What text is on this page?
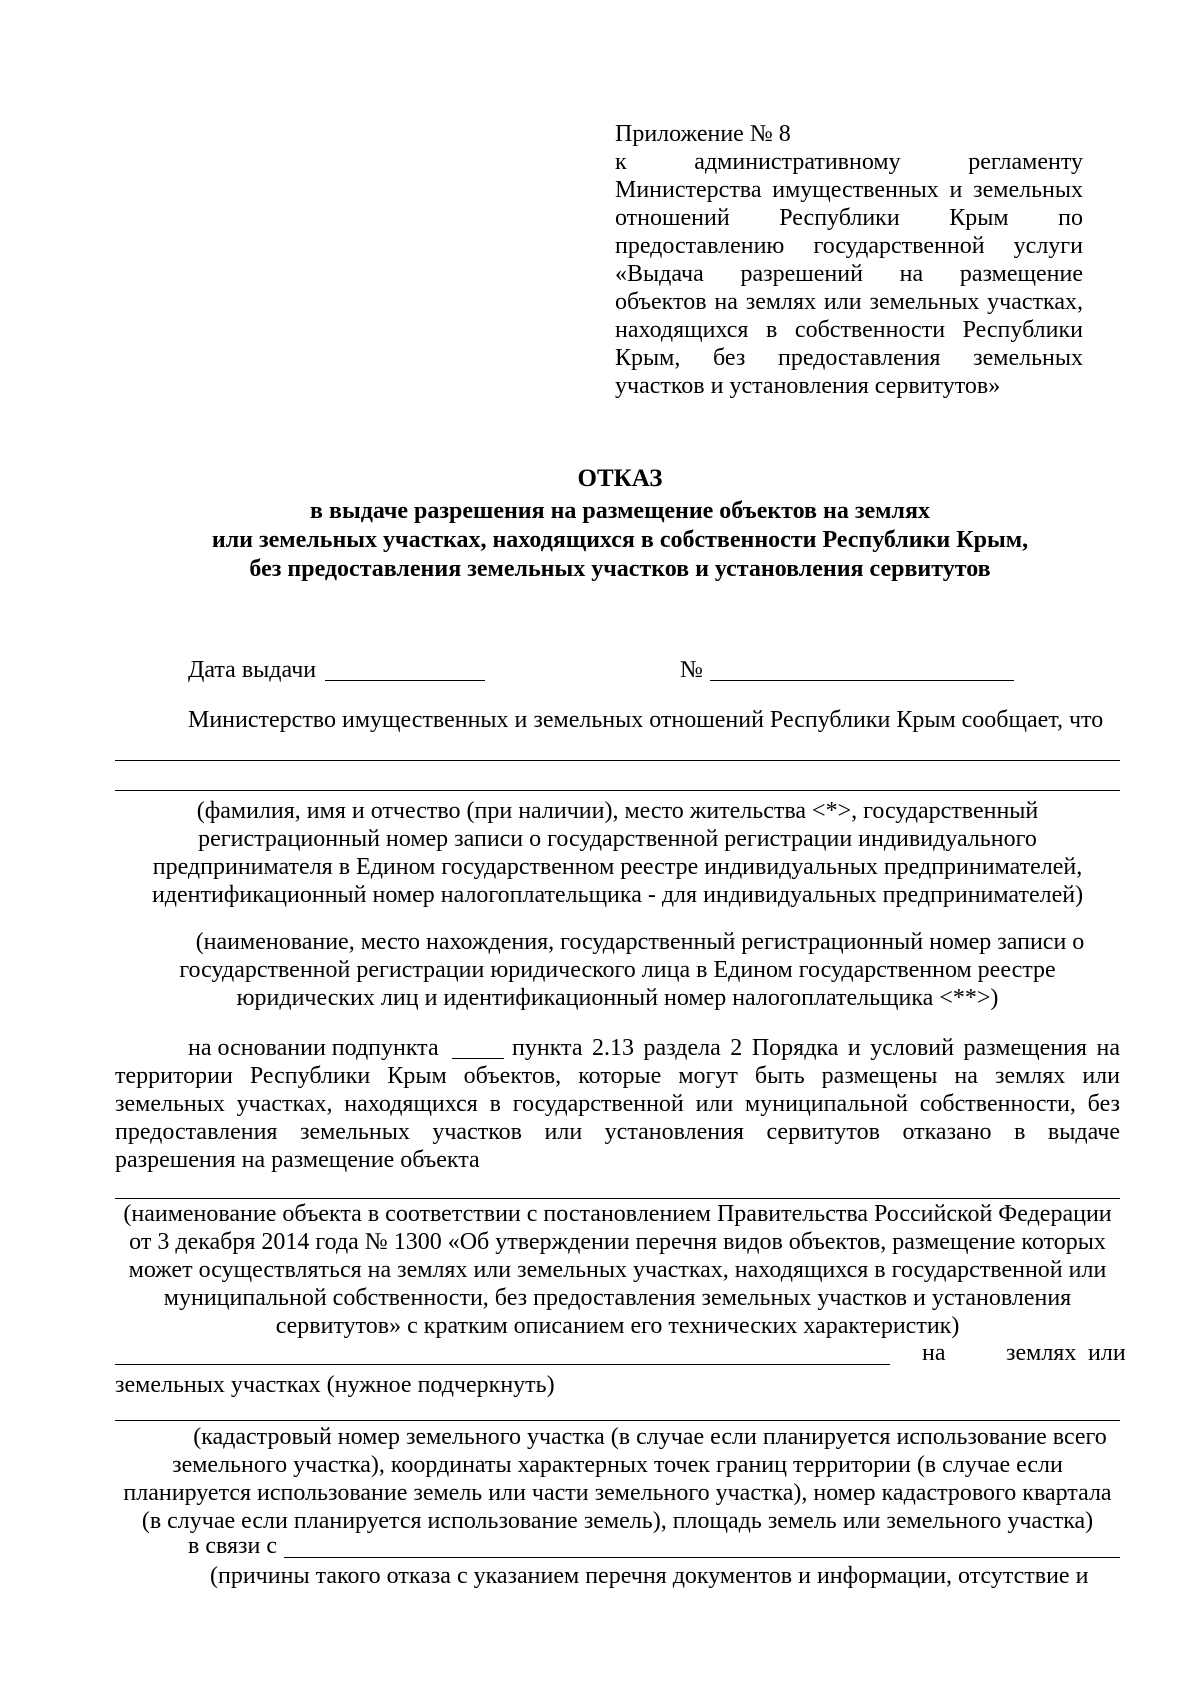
Приложение № 8
к административному регламенту
Министерства имущественных и земельных
отношений Республики Крым по
предоставлению государственной услуги
«Выдача разрешений на размещение
объектов на землях или земельных участках,
находящихся в собственности Республики
Крым, без предоставления земельных
участков и установления сервитутов»
ОТКАЗ
в выдаче разрешения на размещение объектов на землях
или земельных участках, находящихся в собственности Республики Крым,
без предоставления земельных участков и установления сервитутов
Дата выдачи	№
Министерство имущественных и земельных отношений Республики Крым сообщает, что
(фамилия, имя и отчество (при наличии), место жительства <*>, государственный
регистрационный номер записи о государственной регистрации индивидуального
предпринимателя в Едином государственном реестре индивидуальных предпринимателей,
идентификационный номер налогоплательщика - для индивидуальных предпринимателей)
(наименование, место нахождения, государственный регистрационный номер записи о
государственной регистрации юридического лица в Едином государственном реестре
юридических лиц и идентификационный номер налогоплательщика <**>)
на основании подпункта	пункта 2.13 раздела 2 Порядка и условий размещения на
территории Республики Крым объектов, которые могут быть размещены на землях или
земельных участках, находящихся в государственной или муниципальной собственности, без
предоставления земельных участков или установления сервитутов отказано в выдаче
разрешения на размещение объекта
(наименование объекта в соответствии с постановлением Правительства Российской Федерации
от 3 декабря 2014 года № 1300 «Об утверждении перечня видов объектов, размещение которых
может осуществляться на землях или земельных участках, находящихся в государственной или
муниципальной собственности, без предоставления земельных участков и установления
сервитутов» с кратким описанием его технических характеристик)
на	землях или
земельных участках (нужное подчеркнуть)
(кадастровый номер земельного участка (в случае если планируется использование всего
земельного участка), координаты характерных точек границ территории (в случае если
планируется использование земель или части земельного участка), номер кадастрового квартала
(в случае если планируется использование земель), площадь земель или земельного участка)
в связи с
(причины такого отказа с указанием перечня документов и информации, отсутствие и
